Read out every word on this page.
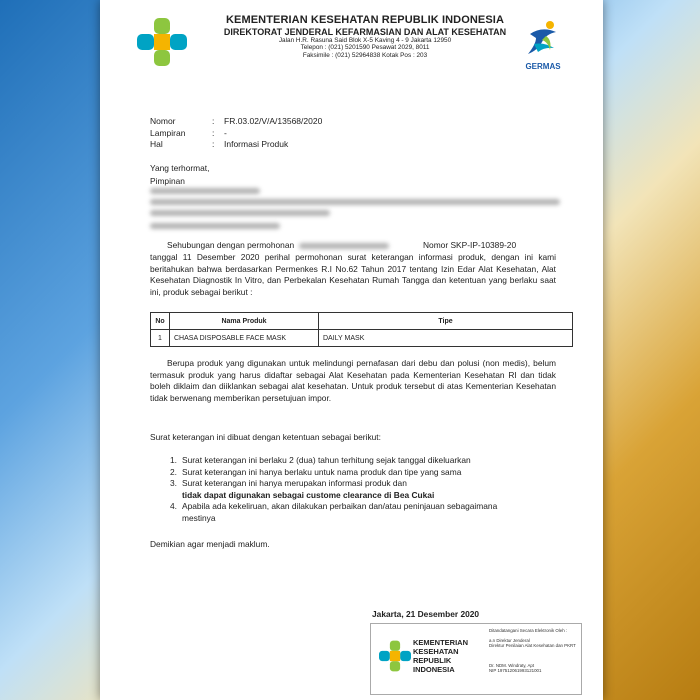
KEMENTERIAN KESEHATAN REPUBLIK INDONESIA
DIREKTORAT JENDERAL KEFARMASIAN DAN ALAT KESEHATAN
Jalan H.R. Rasuna Said Blok X-5 Kaving 4 - 9 Jakarta 12950
Telepon : (021) 5201590 Pesawat 2029, 8011
Faksimile : (021) 52964838 Kotak Pos : 203
GERMAS
Nomor	: FR.03.02/V/A/13568/2020
Lampiran	: -
Hal	: Informasi Produk
Yang terhormat,
Pimpinan
Sehubungan dengan permohonan	Nomor SKP-IP-10389-20
tanggal 11 Desember 2020 perihal permohonan surat keterangan informasi produk, dengan ini kami beritahukan bahwa berdasarkan Permenkes R.I No.62 Tahun 2017 tentang Izin Edar Alat Kesehatan, Alat Kesehatan Diagnostik In Vitro, dan Perbekalan Kesehatan Rumah Tangga dan ketentuan yang berlaku saat ini, produk sebagai berikut :
No	Nama Produk	Tipe
1	CHASA DISPOSABLE FACE MASK	DAILY MASK
Berupa produk yang digunakan untuk melindungi pernafasan dari debu dan polusi (non medis), belum termasuk produk yang harus didaftar sebagai Alat Kesehatan pada Kementerian Kesehatan RI dan tidak boleh diklaim dan diiklankan sebagai alat kesehatan. Untuk produk tersebut di atas Kementerian Kesehatan tidak berwenang memberikan persetujuan impor.
Surat keterangan ini dibuat dengan ketentuan sebagai berikut:
1. Surat keterangan ini berlaku 2 (dua) tahun terhitung sejak tanggal dikeluarkan
2. Surat keterangan ini hanya berlaku untuk nama produk dan tipe yang sama
3. Surat keterangan ini hanya merupakan informasi produk dan
tidak dapat digunakan sebagai custome clearance di Bea Cukai
4. Apabila ada kekeliruan, akan dilakukan perbaikan dan/atau peninjauan sebagaimana
mestinya
Demikian agar menjadi maklum.
Jakarta, 21 Desember 2020
KEMENTERIAN
KESEHATAN
REPUBLIK
INDONESIA
Ditandatangani Secara Elektronik Oleh :
a.n Direktur Jenderal
Direktur Penilaian Alat Kesehatan dan PKRT
Dr. NDM. Windraty, Apt
NIP 197512061993121001
